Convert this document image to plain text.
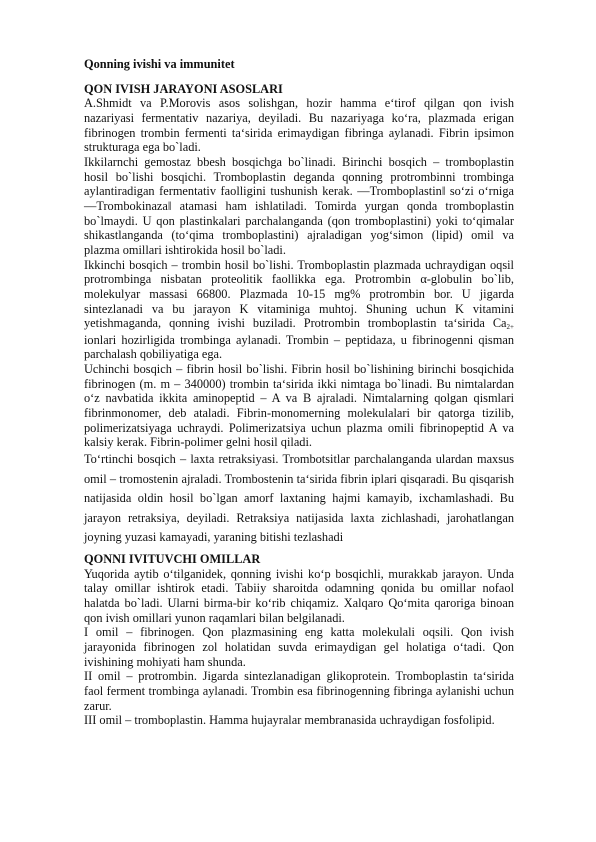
Qonning ivishi va immunitet

QON IVISH JARAYONI ASOSLARI

A.Shmidt va P.Morovis asos solishgan, hozir hamma e‘tirof qilgan qon ivish nazariyasi fermentativ nazariya, deyiladi. Bu nazariyaga ko‘ra, plazmada erigan fibrinogen trombin fermenti ta‘sirida erimaydigan fibringa aylanadi. Fibrin ipsimon strukturaga ega bo`ladi.

Ikkilarnchi gemostaz bbesh bosqichga bo`linadi. Birinchi bosqich – tromboplastin hosil bo`lishi bosqichi. Tromboplastin deganda qonning protrombinni trombinga aylantiradigan fermentativ faolligini tushunish kerak. ―Tromboplastin‖ so‘zi o‘rniga ―Trombokinaza‖ atamasi ham ishlatiladi. Tomirda yurgan qonda tromboplastin bo`lmaydi. U qon plastinkalari parchalanganda (qon tromboplastini) yoki to‘qimalar shikastlanganda (to‘qima tromboplastini) ajraladigan yog‘simon (lipid) omil va plazma omillari ishtirokida hosil bo`ladi.

Ikkinchi bosqich – trombin hosil bo`lishi. Tromboplastin plazmada uchraydigan oqsil protrombinga nisbatan proteolitik faollikka ega. Protrombin α-globulin bo`lib, molekulyar massasi 66800. Plazmada 10-15 mg% protrombin bor. U jigarda sintezlanadi va bu jarayon K vitaminiga muhtoj. Shuning uchun K vitamini yetishmaganda, qonning ivishi buziladi. Protrombin tromboplastin ta‘sirida $Ca_{2+}$ ionlari hozirligida trombinga aylanadi. Trombin – peptidaza, u fibrinogenni qisman parchalash qobiliyatiga ega.

Uchinchi bosqich – fibrin hosil bo`lishi. Fibrin hosil bo`lishining birinchi bosqichida fibrinogen (m. m – 340000) trombin ta‘sirida ikki nimtaga bo`linadi. Bu nimtalardan o‘z navbatida ikkita aminopeptid – A va B ajraladi. Nimtalarning qolgan qismlari fibrinmonomer, deb ataladi. Fibrin-monomerning molekulalari bir qatorga tizilib, polimerizatsiyaga uchraydi. Polimerizatsiya uchun plazma omili fibrinopeptid A va kalsiy kerak. Fibrin-polimer gelni hosil qiladi.

To‘rtinchi bosqich – laxta retraksiyasi. Trombotsitlar parchalanganda ulardan maxsus omil – tromostenin ajraladi. Trombostenin ta‘sirida fibrin iplari qisqaradi. Bu qisqarish natijasida oldin hosil bo`lgan amorf laxtaning hajmi kamayib, ixchamlashadi. Bu jarayon retraksiya, deyiladi. Retraksiya natijasida laxta zichlashadi, jarohatlangan joyning yuzasi kamayadi, yaraning bitishi tezlashadi

QONNI IVITUVCHI OMILLAR

Yuqorida aytib o‘tilganidek, qonning ivishi ko‘p bosqichli, murakkab jarayon. Unda talay omillar ishtirok etadi. Tabiiy sharoitda odamning qonida bu omillar nofaol halatda bo`ladi. Ularni birma-bir ko‘rib chiqamiz. Xalqaro Qo‘mita qaroriga binoan qon ivish omillari yunon raqamlari bilan belgilanadi.

I omil – fibrinogen. Qon plazmasining eng katta molekulali oqsili. Qon ivish jarayonida fibrinogen zol holatidan suvda erimaydigan gel holatiga o‘tadi. Qon ivishining mohiyati ham shunda.

II omil – protrombin. Jigarda sintezlanadigan glikoprotein. Tromboplastin ta‘sirida faol ferment trombinga aylanadi. Trombin esa fibrinogenning fibringa aylanishi uchun zarur.

III omil – tromboplastin. Hamma hujayralar membranasida uchraydigan fosfolipid.
